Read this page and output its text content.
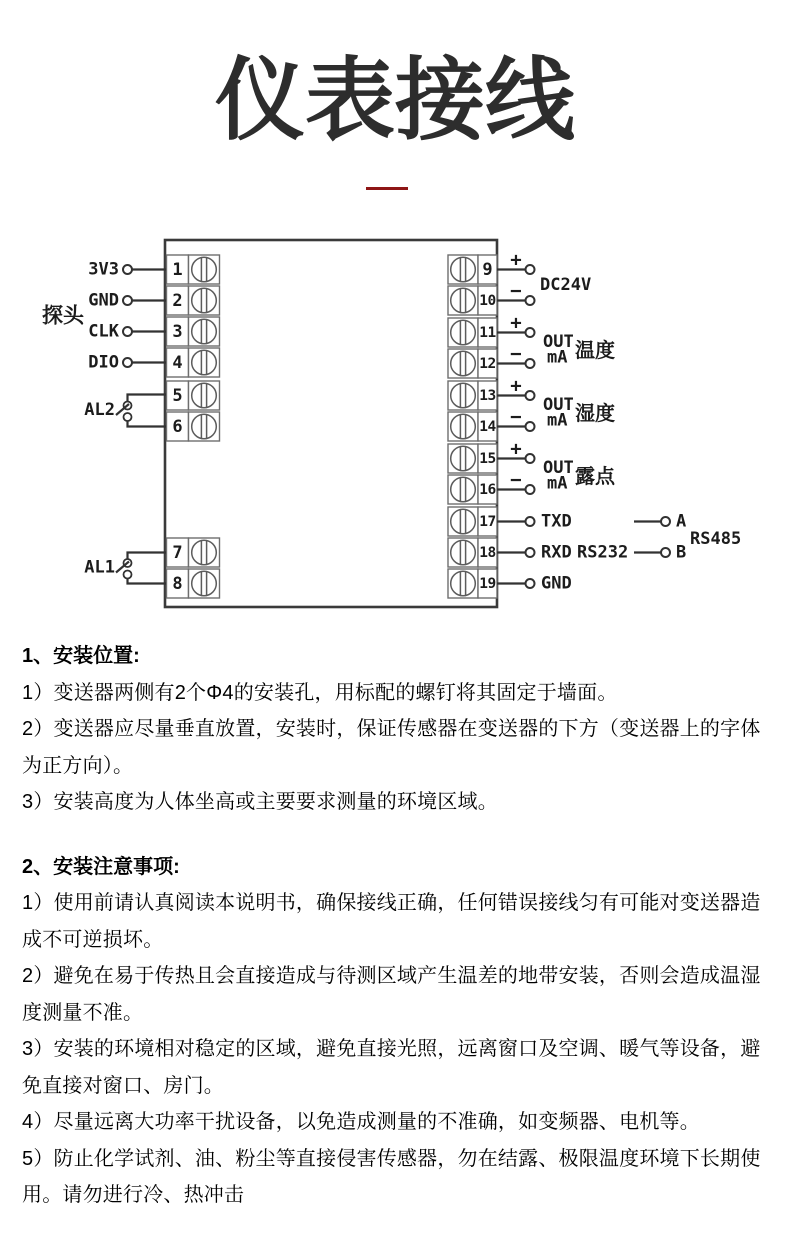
仪表接线
1
2
3
4
5
6
7
8
探头
3V3
GND
CLK
DIO
AL2
AL1
9
10
11
12
13
14
15
16
17
18
19
+
− DC24V
+
−
OUT
mA 温度
+
−
OUT
mA 湿度
+
−
OUT
mA 露点
TXD
RXD RS232
GND
A
B
RS485
1、安装位置:

1）变送器两侧有2个Φ4的安装孔，用标配的螺钉将其固定于墙面。

2）变送器应尽量垂直放置，安装时，保证传感器在变送器的下方（变送器上的字体为正方向）。

3）安装高度为人体坐高或主要要求测量的环境区域。

2、安装注意事项:

1）使用前请认真阅读本说明书，确保接线正确，任何错误接线匀有可能对变送器造成不可逆损坏。

2）避免在易于传热且会直接造成与待测区域产生温差的地带安装，否则会造成温湿度测量不准。

3）安装的环境相对稳定的区域，避免直接光照，远离窗口及空调、暖气等设备，避免直接对窗口、房门。

4）尽量远离大功率干扰设备，以免造成测量的不准确，如变频器、电机等。

5）防止化学试剂、油、粉尘等直接侵害传感器，勿在结露、极限温度环境下长期使用。请勿进行冷、热冲击
